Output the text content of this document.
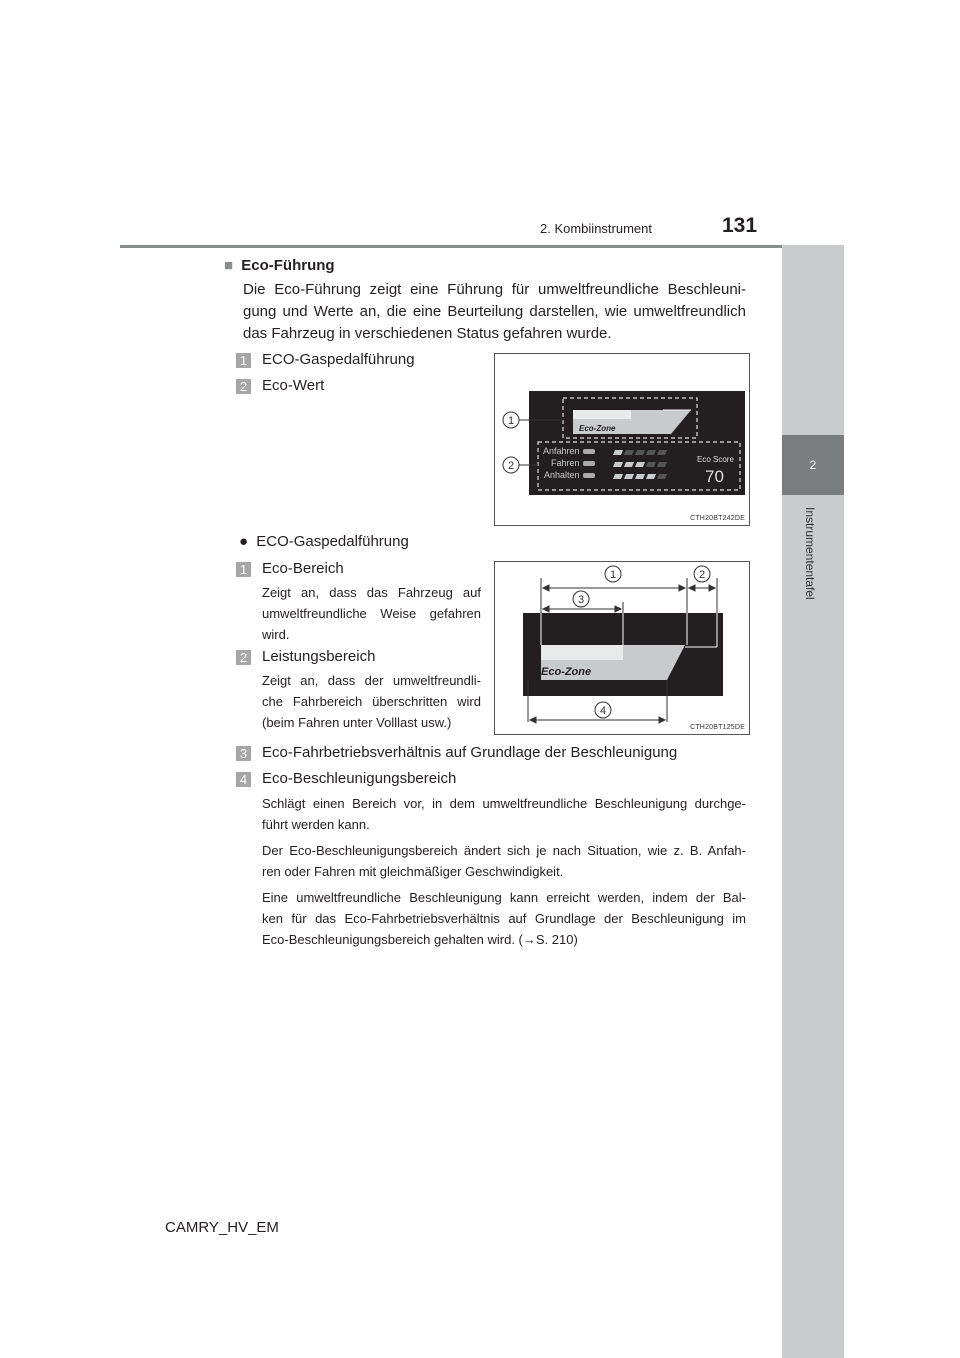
2. Kombiinstrument	131
2
Instrumententafel
■ Eco-Führung
Die Eco-Führung zeigt eine Führung für umweltfreundliche Beschleuni-
gung und Werte an, die eine Beurteilung darstellen, wie umweltfreundlich
das Fahrzeug in verschiedenen Status gefahren wurde.
1 ECO-Gaspedalführung
2 Eco-Wert
Eco-Zone
Anfahren
Fahren
Anhalten
Eco Score
70
1
2
CTH20BT242DE
● ECO-Gaspedalführung
1 Eco-Bereich
Zeigt an, dass das Fahrzeug auf
umweltfreundliche Weise gefahren
wird.
2 Leistungsbereich
Zeigt an, dass der umweltfreundli-
che Fahrbereich überschritten wird
(beim Fahren unter Volllast usw.)
Eco-Zone
1	2
3
4
CTH20BT125DE
3 Eco-Fahrbetriebsverhältnis auf Grundlage der Beschleunigung
4 Eco-Beschleunigungsbereich
Schlägt einen Bereich vor, in dem umweltfreundliche Beschleunigung durchge-
führt werden kann.
Der Eco-Beschleunigungsbereich ändert sich je nach Situation, wie z. B. Anfah-
ren oder Fahren mit gleichmäßiger Geschwindigkeit.
Eine umweltfreundliche Beschleunigung kann erreicht werden, indem der Bal-
ken für das Eco-Fahrbetriebsverhältnis auf Grundlage der Beschleunigung im
Eco-Beschleunigungsbereich gehalten wird. (→S. 210)
CAMRY_HV_EM
